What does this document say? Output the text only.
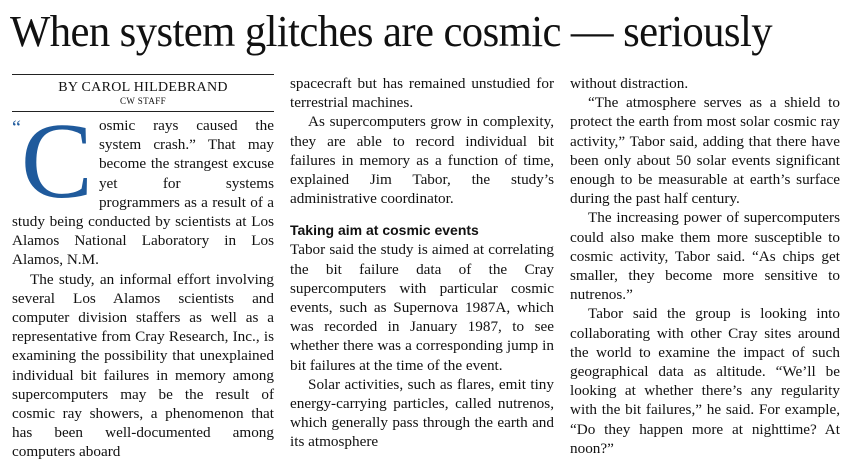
When system glitches are cosmic — seriously
BY CAROL HILDEBRAND
CW STAFF
“ C osmic rays caused the system crash.” That may become the strangest excuse yet for systems programmers as a result of a study being conducted by scientists at Los Alamos National Laboratory in Los Alamos, N.M.

The study, an informal effort involving several Los Alamos scientists and computer division staffers as well as a representative from Cray Research, Inc., is examining the possibility that unexplained individual bit failures in memory among supercomputers may be the result of cosmic ray showers, a phenomenon that has been well-documented among computers aboard

spacecraft but has remained unstudied for terrestrial machines.

As supercomputers grow in complexity, they are able to record individual bit failures in memory as a function of time, explained Jim Tabor, the study’s administrative coordinator.

Taking aim at cosmic events

Tabor said the study is aimed at correlating the bit failure data of the Cray supercomputers with particular cosmic events, such as Supernova 1987A, which was recorded in January 1987, to see whether there was a corresponding jump in bit failures at the time of the event.

Solar activities, such as flares, emit tiny energy-carrying particles, called nutrenos, which generally pass through the earth and its atmosphere

without distraction.

“The atmosphere serves as a shield to protect the earth from most solar cosmic ray activity,” Tabor said, adding that there have been only about 50 solar events significant enough to be measurable at earth’s surface during the past half century.

The increasing power of supercomputers could also make them more susceptible to cosmic activity, Tabor said. “As chips get smaller, they become more sensitive to nutrenos.”

Tabor said the group is looking into collaborating with other Cray sites around the world to examine the impact of such geographical data as altitude. “We’ll be looking at whether there’s any regularity with the bit failures,” he said. For example, “Do they happen more at nighttime? At noon?”
